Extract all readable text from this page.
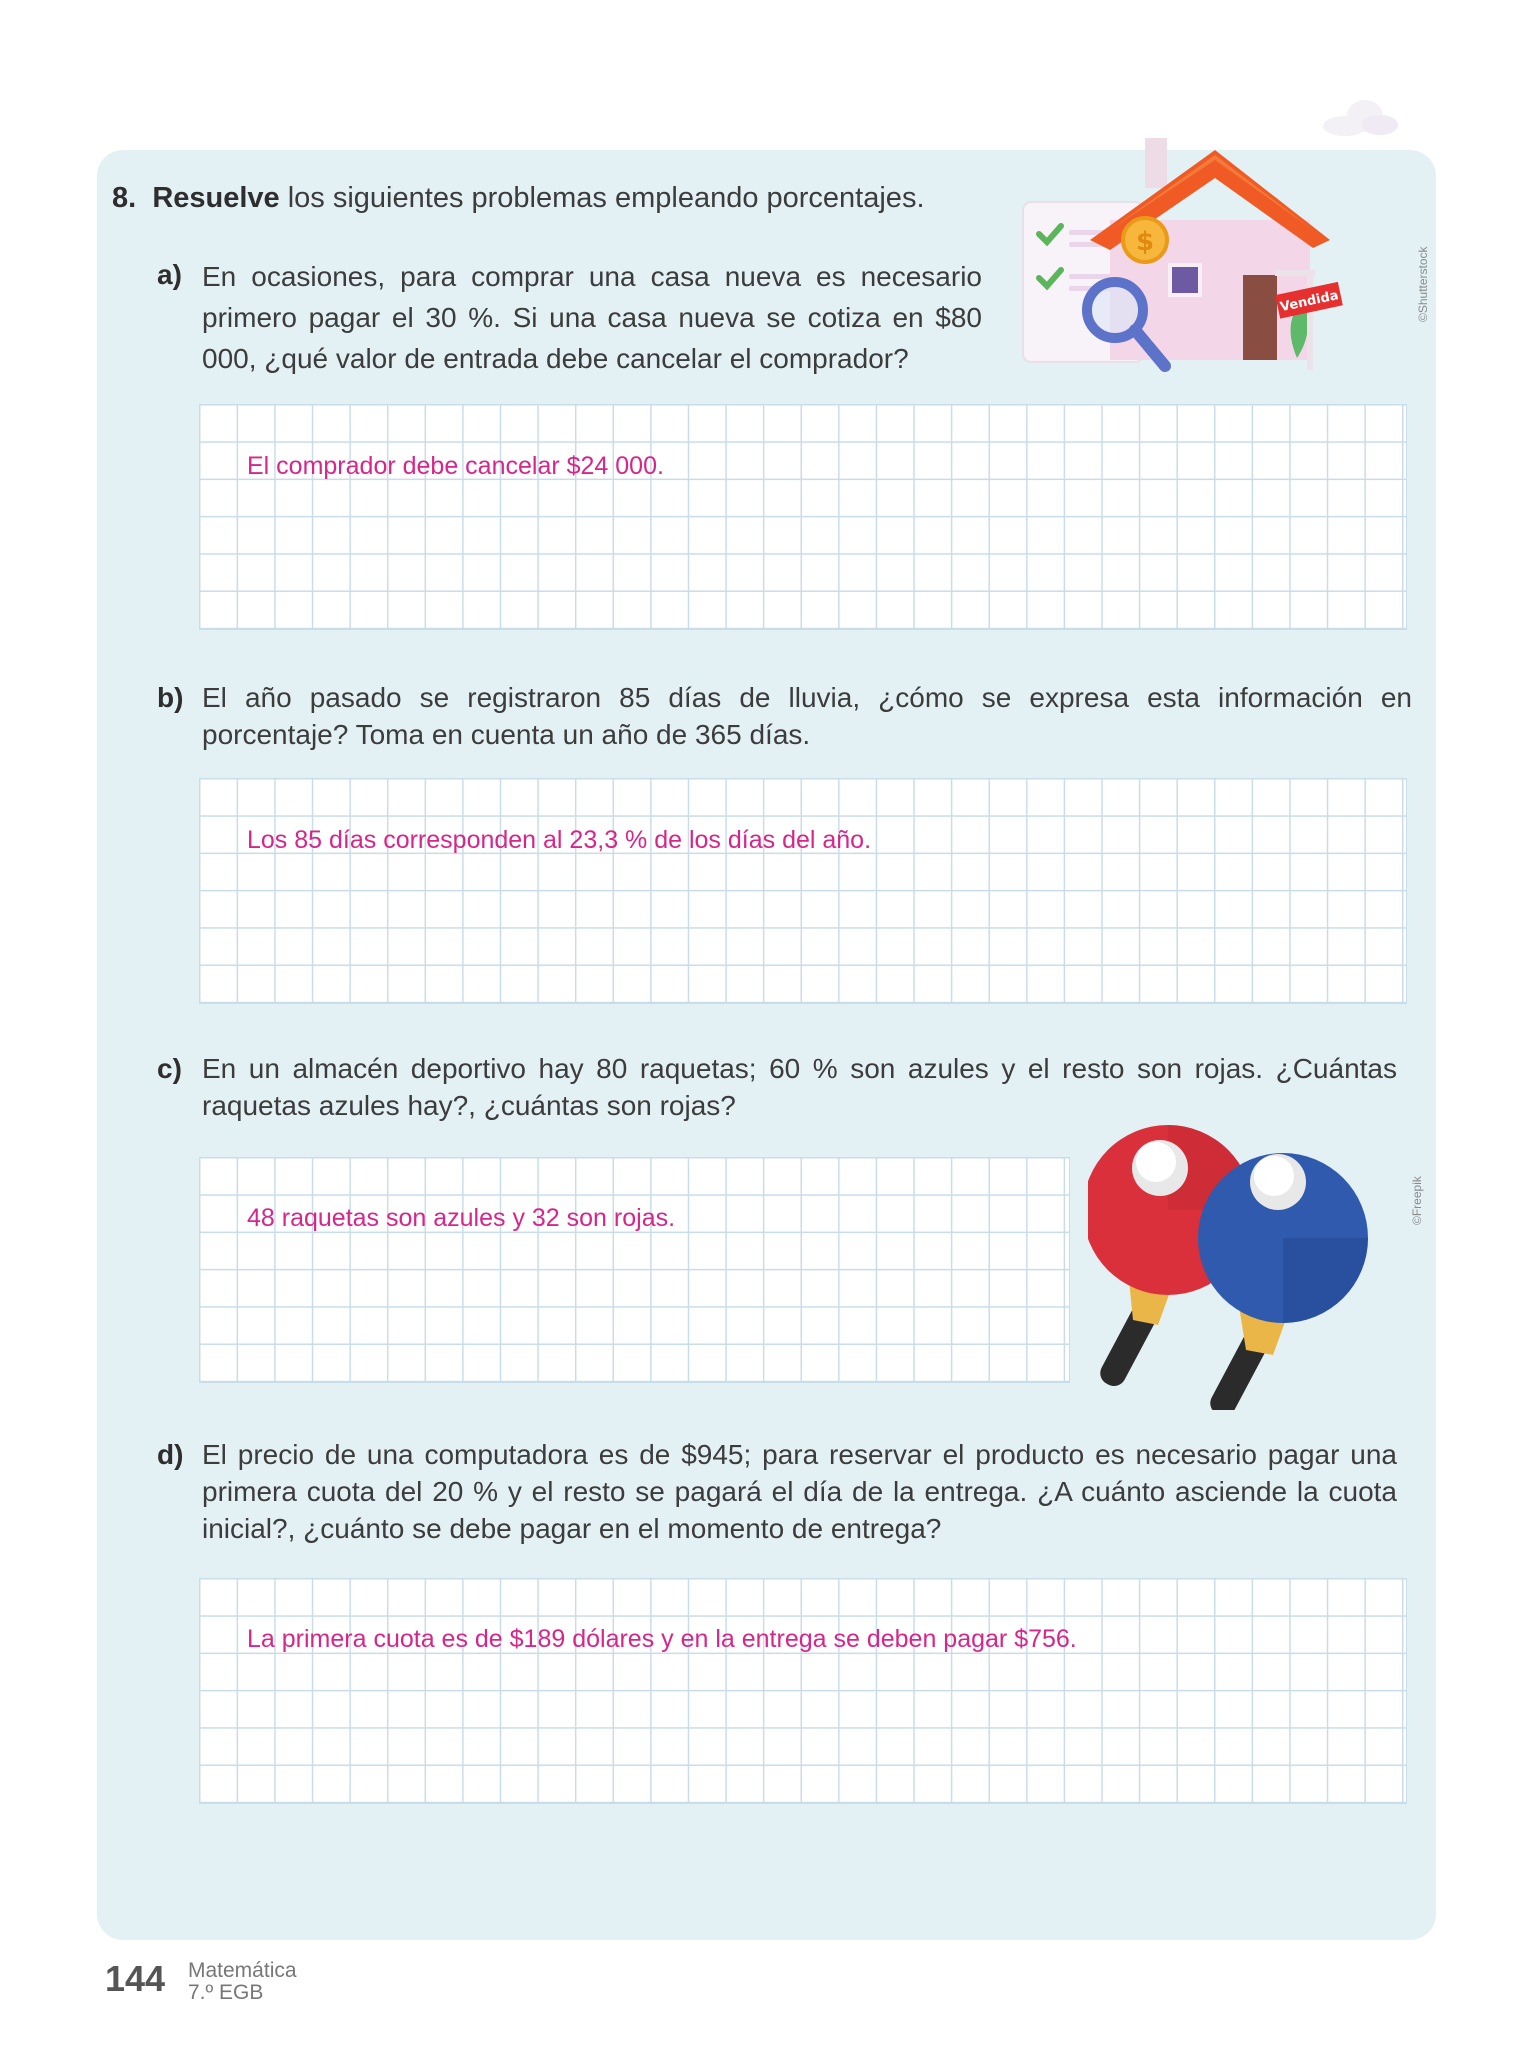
8. Resuelve los siguientes problemas empleando porcentajes.

$
Vendida	©Shutterstock
a) En ocasiones, para comprar una casa nueva es necesario primero pagar el 30 %. Si una casa nueva se cotiza en $80 000, ¿qué valor de entrada debe cancelar el comprador?

El comprador debe cancelar $24 000.
b) El año pasado se registraron 85 días de lluvia, ¿cómo se expresa esta información en porcentaje? Toma en cuenta un año de 365 días.

Los 85 días corresponden al 23,3 % de los días del año.
c) En un almacén deportivo hay 80 raquetas; 60 % son azules y el resto son rojas. ¿Cuántas raquetas azules hay?, ¿cuántas son rojas?

48 raquetas son azules y 32 son rojas.	©Freepik
d) El precio de una computadora es de $945; para reservar el producto es necesario pagar una primera cuota del 20 % y el resto se pagará el día de la entrega. ¿A cuánto asciende la cuota inicial?, ¿cuánto se debe pagar en el momento de entrega?

La primera cuota es de $189 dólares y en la entrega se deben pagar $756.
144 Matemática
7.º EGB
